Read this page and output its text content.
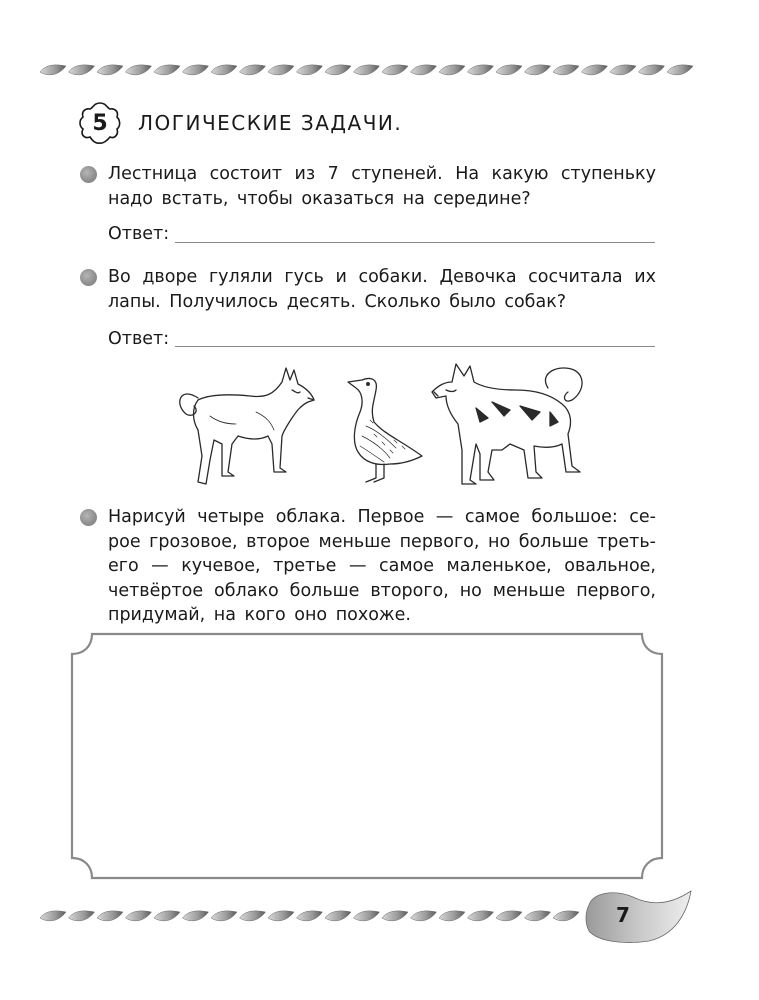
5	ЛОГИЧЕСКИЕ ЗАДАЧИ.

Лестница состоит из 7 ступеней. На какую ступеньку

надо встать, чтобы оказаться на середине?

Ответ:

Во дворе гуляли гусь и собаки. Девочка сосчитала их

лапы. Получилось десять. Сколько было собак?

Ответ:

Нарисуй четыре облака. Первое — самое большое: се-

рое грозовое, второе меньше первого, но больше треть-

его — кучевое, третье — самое маленькое, овальное,

четвёртое облако больше второго, но меньше первого,

придумай, на кого оно похоже.

7
